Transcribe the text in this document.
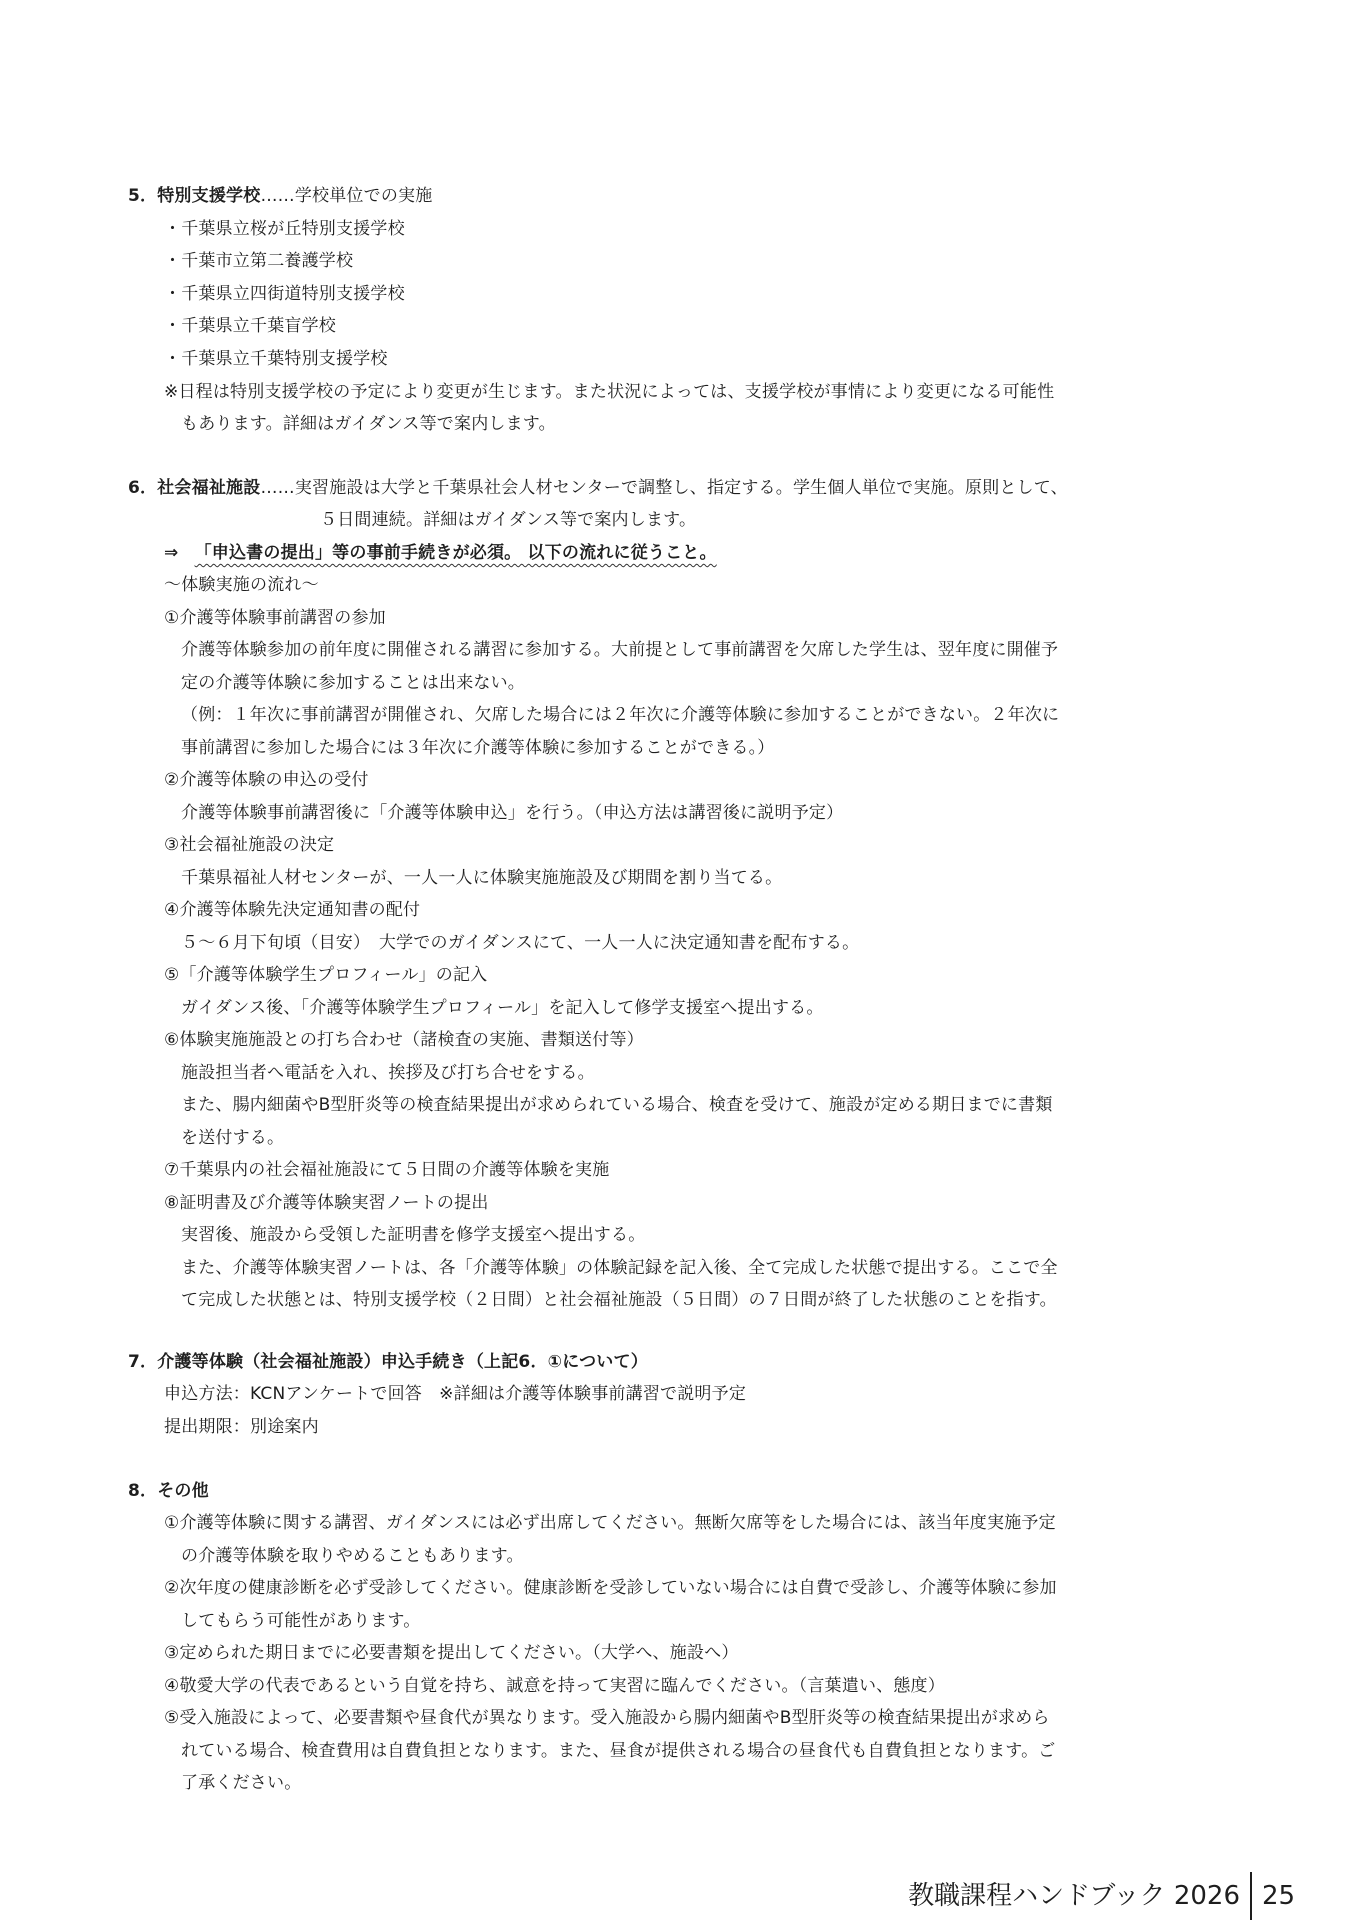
5．特別支援学校……学校単位での実施
・千葉県立桜が丘特別支援学校
・千葉市立第二養護学校
・千葉県立四街道特別支援学校
・千葉県立千葉盲学校
・千葉県立千葉特別支援学校
※日程は特別支援学校の予定により変更が生じます。また状況によっては、支援学校が事情により変更になる可能性
もあります。詳細はガイダンス等で案内します。
6．社会福祉施設……実習施設は大学と千葉県社会人材センターで調整し、指定する。学生個人単位で実施。原則として、
５日間連続。詳細はガイダンス等で案内します。
⇒ 「申込書の提出」等の事前手続きが必須。 以下の流れに従うこと。
～体験実施の流れ～
①介護等体験事前講習の参加
介護等体験参加の前年度に開催される講習に参加する。大前提として事前講習を欠席した学生は、翌年度に開催予
定の介護等体験に参加することは出来ない。
（例：１年次に事前講習が開催され、欠席した場合には２年次に介護等体験に参加することができない。２年次に
事前講習に参加した場合には３年次に介護等体験に参加することができる。）
②介護等体験の申込の受付
介護等体験事前講習後に「介護等体験申込」を行う。（申込方法は講習後に説明予定）
③社会福祉施設の決定
千葉県福祉人材センターが、一人一人に体験実施施設及び期間を割り当てる。
④介護等体験先決定通知書の配付
５～６月下旬頃（目安）　大学でのガイダンスにて、一人一人に決定通知書を配布する。
⑤「介護等体験学生プロフィール」の記入
ガイダンス後、「介護等体験学生プロフィール」を記入して修学支援室へ提出する。
⑥体験実施施設との打ち合わせ（諸検査の実施、書類送付等）
施設担当者へ電話を入れ、挨拶及び打ち合せをする。
また、腸内細菌やB型肝炎等の検査結果提出が求められている場合、検査を受けて、施設が定める期日までに書類
を送付する。
⑦千葉県内の社会福祉施設にて５日間の介護等体験を実施
⑧証明書及び介護等体験実習ノートの提出
実習後、施設から受領した証明書を修学支援室へ提出する。
また、介護等体験実習ノートは、各「介護等体験」の体験記録を記入後、全て完成した状態で提出する。ここで全
て完成した状態とは、特別支援学校（２日間）と社会福祉施設（５日間）の７日間が終了した状態のことを指す。
7．介護等体験（社会福祉施設）申込手続き（上記6．①について）
申込方法：KCNアンケートで回答　※詳細は介護等体験事前講習で説明予定
提出期限：別途案内
8．その他
①介護等体験に関する講習、ガイダンスには必ず出席してください。無断欠席等をした場合には、該当年度実施予定
の介護等体験を取りやめることもあります。
②次年度の健康診断を必ず受診してください。健康診断を受診していない場合には自費で受診し、介護等体験に参加
してもらう可能性があります。
③定められた期日までに必要書類を提出してください。（大学へ、施設へ）
④敬愛大学の代表であるという自覚を持ち、誠意を持って実習に臨んでください。（言葉遣い、態度）
⑤受入施設によって、必要書類や昼食代が異なります。受入施設から腸内細菌やB型肝炎等の検査結果提出が求めら
れている場合、検査費用は自費負担となります。また、昼食が提供される場合の昼食代も自費負担となります。ご
了承ください。
教職課程ハンドブック 2026 25
